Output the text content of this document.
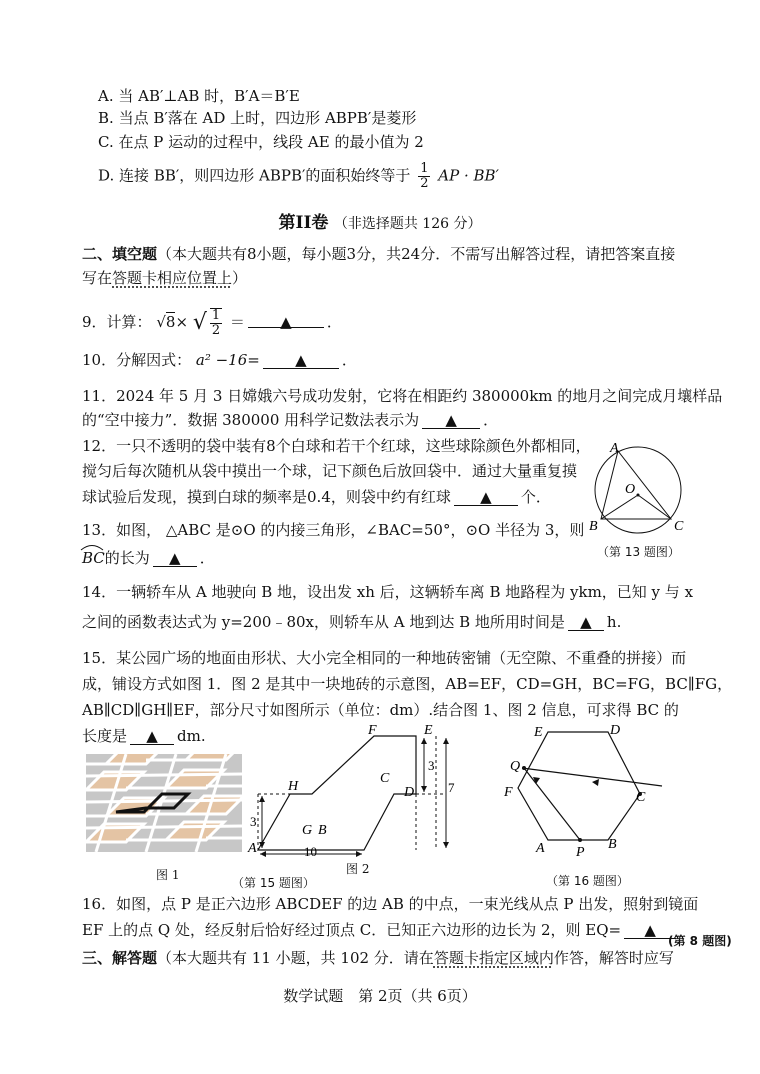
A. 当 AB′⊥AB 时，B′A＝B′E
B. 当点 B′落在 AD 上时，四边形 ABPB′是菱形
C. 在点 P 运动的过程中，线段 AE 的最小值为 2
D. 连接 BB′，则四边形 ABPB′的面积始终等于 $\frac{1}{2}$ AP · BB′
第II卷 （非选择题共 126 分）
二、填空题（本大题共有8小题，每小题3分，共24分．不需写出解答过程，请把答案直接
写在答题卡相应位置上）
9．计算： √8× √ $\frac{1}{2}$ ＝ ▲ ．
10．分解因式： a² −16= ▲ ．
11．2024 年 5 月 3 日嫦娥六号成功发射，它将在相距约 380000km 的地月之间完成月壤样品
的“空中接力”．数据 380000 用科学记数法表示为 ▲ ．
12．一只不透明的袋中装有8个白球和若干个红球，这些球除颜色外都相同，
搅匀后每次随机从袋中摸出一个球，记下颜色后放回袋中．通过大量重复摸
球试验后发现，摸到白球的频率是0.4，则袋中约有红球 ▲ 个．
13．如图， △ABC 是⊙O 的内接三角形，∠BAC=50°，⊙O 半径为 3，则
BC的长为 ▲ ．
A
O
B	C
（第 13 题图）
14．一辆轿车从 A 地驶向 B 地，设出发 xh 后，这辆轿车离 B 地路程为 ykm，已知 y 与 x
之间的函数表达式为 y=200﹣80x，则轿车从 A 地到达 B 地所用时间是 ▲ h.
15．某公园广场的地面由形状、大小完全相同的一种地砖密铺（无空隙、不重叠的拼接）而
成，铺设方式如图 1．图 2 是其中一块地砖的示意图，AB=EF，CD=GH，BC=FG，BC∥FG，
AB∥CD∥GH∥EF，部分尺寸如图所示（单位：dm）.结合图 1、图 2 信息，可求得 BC 的
长度是 ▲ dm.
图 1
F	E
H
C
D
G B
A
3
3
7
10
图 2
（第 15 题图）
E	D
Q
F	C
A	B
P
（第 16 题图）
16．如图，点 P 是正六边形 ABCDEF 的边 AB 的中点，一束光线从点 P 出发，照射到镜面
EF 上的点 Q 处，经反射后恰好经过顶点 C．已知正六边形的边长为 2，则 EQ= ▲
(第 8 题图)
三、解答题（本大题共有 11 小题，共 102 分．请在答题卡指定区域内作答，解答时应写
数学试题　第 2页（共 6页）
